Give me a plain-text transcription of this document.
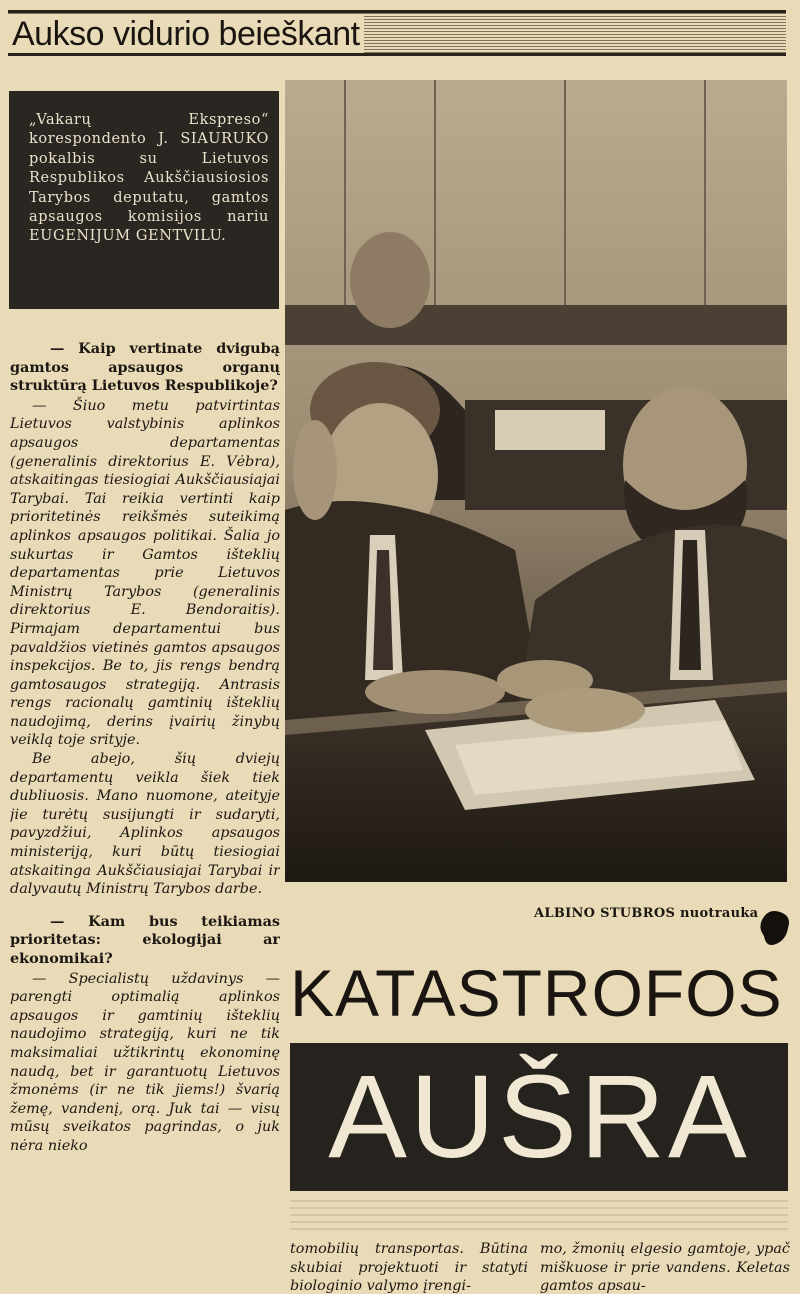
Aukso vidurio beieškant
„Vakarų Ekspreso“ korespondento J. SIAURUKO pokalbis su Lietuvos Respublikos Aukščiausiosios Tarybos deputatu, gamtos apsaugos komisijos nariu EUGENIJUM GENTVILU.

— Kaip vertinate dvigubą gamtos apsaugos organų struktūrą Lietuvos Respublikoje?

— Šiuo metu patvirtintas Lietuvos valstybinis aplinkos apsaugos departamentas (generalinis direktorius E. Vėbra), atskaitingas tiesiogiai Aukščiausiajai Tarybai. Tai reikia vertinti kaip prioritetinės reikšmės suteikimą aplinkos apsaugos politikai. Šalia jo sukurtas ir Gamtos išteklių departamentas prie Lietuvos Ministrų Tarybos (generalinis direktorius E. Bendoraitis). Pirmajam departamentui bus pavaldžios vietinės gamtos apsaugos inspekcijos. Be to, jis rengs bendrą gamtosaugos strategiją. Antrasis rengs racionalų gamtinių išteklių naudojimą, derins įvairių žinybų veiklą toje srityje.

Be abejo, šių dviejų departamentų veikla šiek tiek dubliuosis. Mano nuomone, ateityje jie turėtų susijungti ir sudaryti, pavyzdžiui, Aplinkos apsaugos ministeriją, kuri būtų tiesiogiai atskaitinga Aukščiausiajai Tarybai ir dalyvautų Ministrų Tarybos darbe.

— Kam bus teikiamas prioritetas: ekologijai ar ekonomikai?

— Specialistų uždavinys — parengti optimalią aplinkos apsaugos ir gamtinių išteklių naudojimo strategiją, kuri ne tik maksimaliai užtikrintų ekonominę naudą, bet ir garantuotų Lietuvos žmonėms (ir ne tik jiems!) švarią žemę, vandenį, orą. Juk tai — visų mūsų sveikatos pagrindas, o juk nėra nieko

ALBINO STUBROS nuotrauka
KATASTROFOS
AUŠRA
tomobilių transportas. Būtina skubiai projektuoti ir statyti biologinio valymo įrengi-
mo, žmonių elgesio gamtoje, ypač miškuose ir prie vandens. Keletas gamtos apsau-
